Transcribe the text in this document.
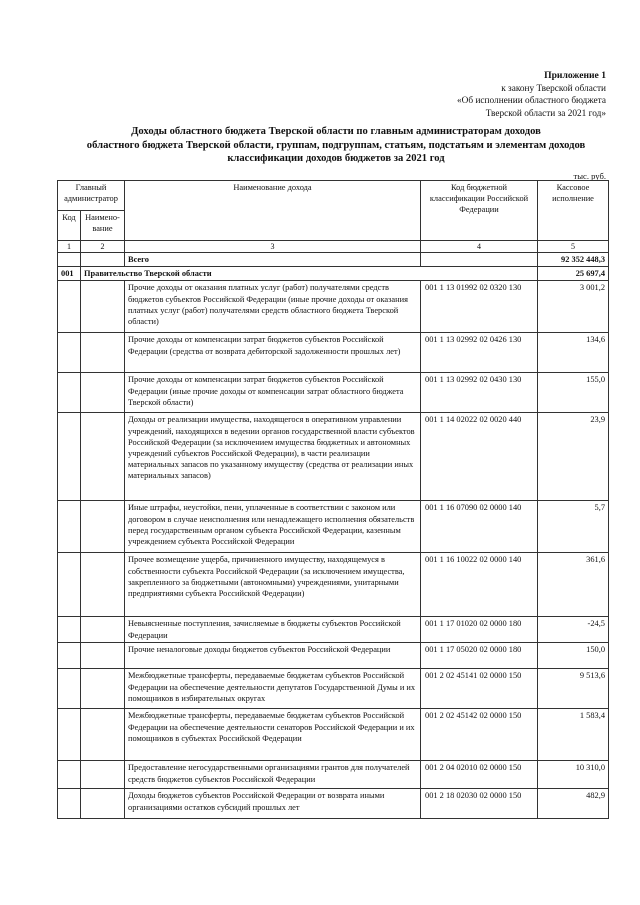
Приложение 1
к закону Тверской области
«Об исполнении областного бюджета
Тверской области за 2021 год»
Доходы областного бюджета Тверской области по главным администраторам доходов
областного бюджета Тверской области, группам, подгруппам, статьям, подстатьям и элементам доходов
классификации доходов бюджетов за 2021 год
тыс. руб.
Главный администратор		Наименование дохода	Код бюджетной классификации Российской Федерации	Кассовое исполнение
Код	Наимено-вание			
1	2	3	4	5
		Всего		92 352 448,3
001	Правительство Тверской области			25 697,4
		Прочие доходы от оказания платных услуг (работ) получателями средств бюджетов субъектов Российской Федерации (иные прочие доходы от оказания платных услуг (работ) получателями средств областного бюджета Тверской области)	001 1 13 01992 02 0320 130	3 001,2
		Прочие доходы от компенсации затрат бюджетов субъектов Российской Федерации (средства от возврата дебиторской задолженности прошлых лет)	001 1 13 02992 02 0426 130	134,6
		Прочие доходы от компенсации затрат бюджетов субъектов Российской Федерации (иные прочие доходы от компенсации затрат областного бюджета Тверской области)	001 1 13 02992 02 0430 130	155,0
		Доходы от реализации имущества, находящегося в оперативном управлении учреждений, находящихся в ведении органов государственной власти субъектов Российской Федерации (за исключением имущества бюджетных и автономных учреждений субъектов Российской Федерации), в части реализации материальных запасов по указанному имуществу (средства от реализации иных материальных запасов)	001 1 14 02022 02 0020 440	23,9
		Иные штрафы, неустойки, пени, уплаченные в соответствии с законом или договором в случае неисполнения или ненадлежащего исполнения обязательств перед государственным органом субъекта Российской Федерации, казенным учреждением субъекта Российской Федерации	001 1 16 07090 02 0000 140	5,7
		Прочее возмещение ущерба, причиненного имуществу, находящемуся в собственности субъекта Российской Федерации (за исключением имущества, закрепленного за бюджетными (автономными) учреждениями, унитарными предприятиями субъекта Российской Федерации)	001 1 16 10022 02 0000 140	361,6
		Невыясненные поступления, зачисляемые в бюджеты субъектов Российской Федерации	001 1 17 01020 02 0000 180	-24,5
		Прочие неналоговые доходы бюджетов субъектов Российской Федерации	001 1 17 05020 02 0000 180	150,0
		Межбюджетные трансферты, передаваемые бюджетам субъектов Российской Федерации на обеспечение деятельности депутатов Государственной Думы и их помощников в избирательных округах	001 2 02 45141 02 0000 150	9 513,6
		Межбюджетные трансферты, передаваемые бюджетам субъектов Российской Федерации на обеспечение деятельности сенаторов Российской Федерации и их помощников в субъектах Российской Федерации	001 2 02 45142 02 0000 150	1 583,4
		Предоставление негосударственными организациями грантов для получателей средств бюджетов субъектов Российской Федерации	001 2 04 02010 02 0000 150	10 310,0
		Доходы бюджетов субъектов Российской Федерации от возврата иными организациями остатков субсидий прошлых лет	001 2 18 02030 02 0000 150	482,9
